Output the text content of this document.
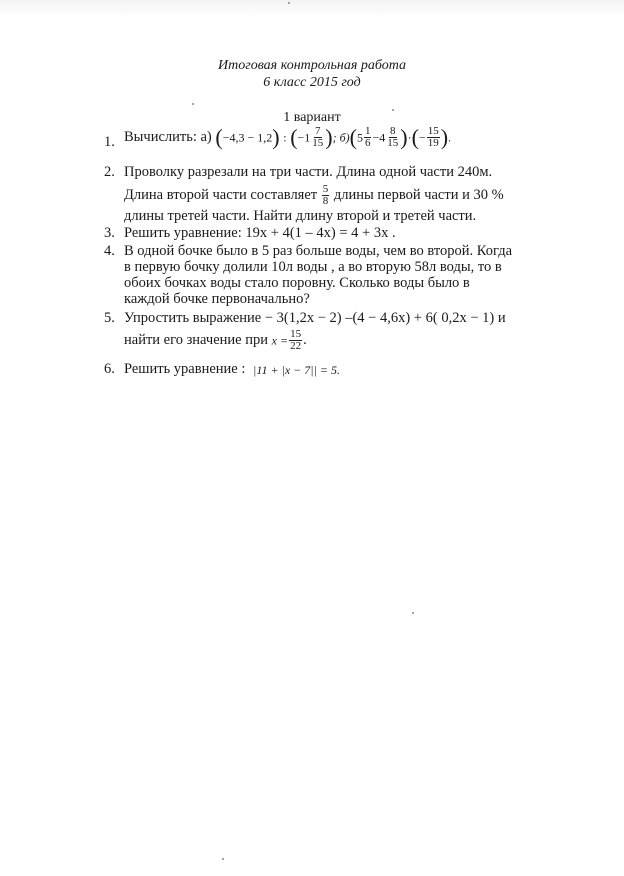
Итоговая контрольная работа
6 класс 2015 год
1 вариант
1. Вычислить: а) (−4,3 − 1,2) : ($-1 \frac{7}{15}$ ); $б)(5 \frac{1}{6} -4 \frac{8}{15}$ )·(− $\frac{15}{19}$ ).
2. Проволку разрезали на три части. Длина одной части 240м.
Длина второй части составляет $\frac{5}{8}$ длины первой части и 30 %
длины третей части. Найти длину второй и третей части.
3. Решить уравнение: 19х + 4(1 – 4х) = 4 + 3х .
4. В одной бочке было в 5 раз больше воды, чем во второй. Когда
в первую бочку долили 10л воды , а во вторую 58л воды, то в
обоих бочках воды стало поровну. Сколько воды было в
каждой бочке первоначально?
5. Упростить выражение − 3(1,2х − 2) –(4 − 4,6х) + 6( 0,2х − 1) и
найти его значение при $x = \frac{15}{22}$ .
6. Решить уравнение : |11 + |x − 7|| = 5.
